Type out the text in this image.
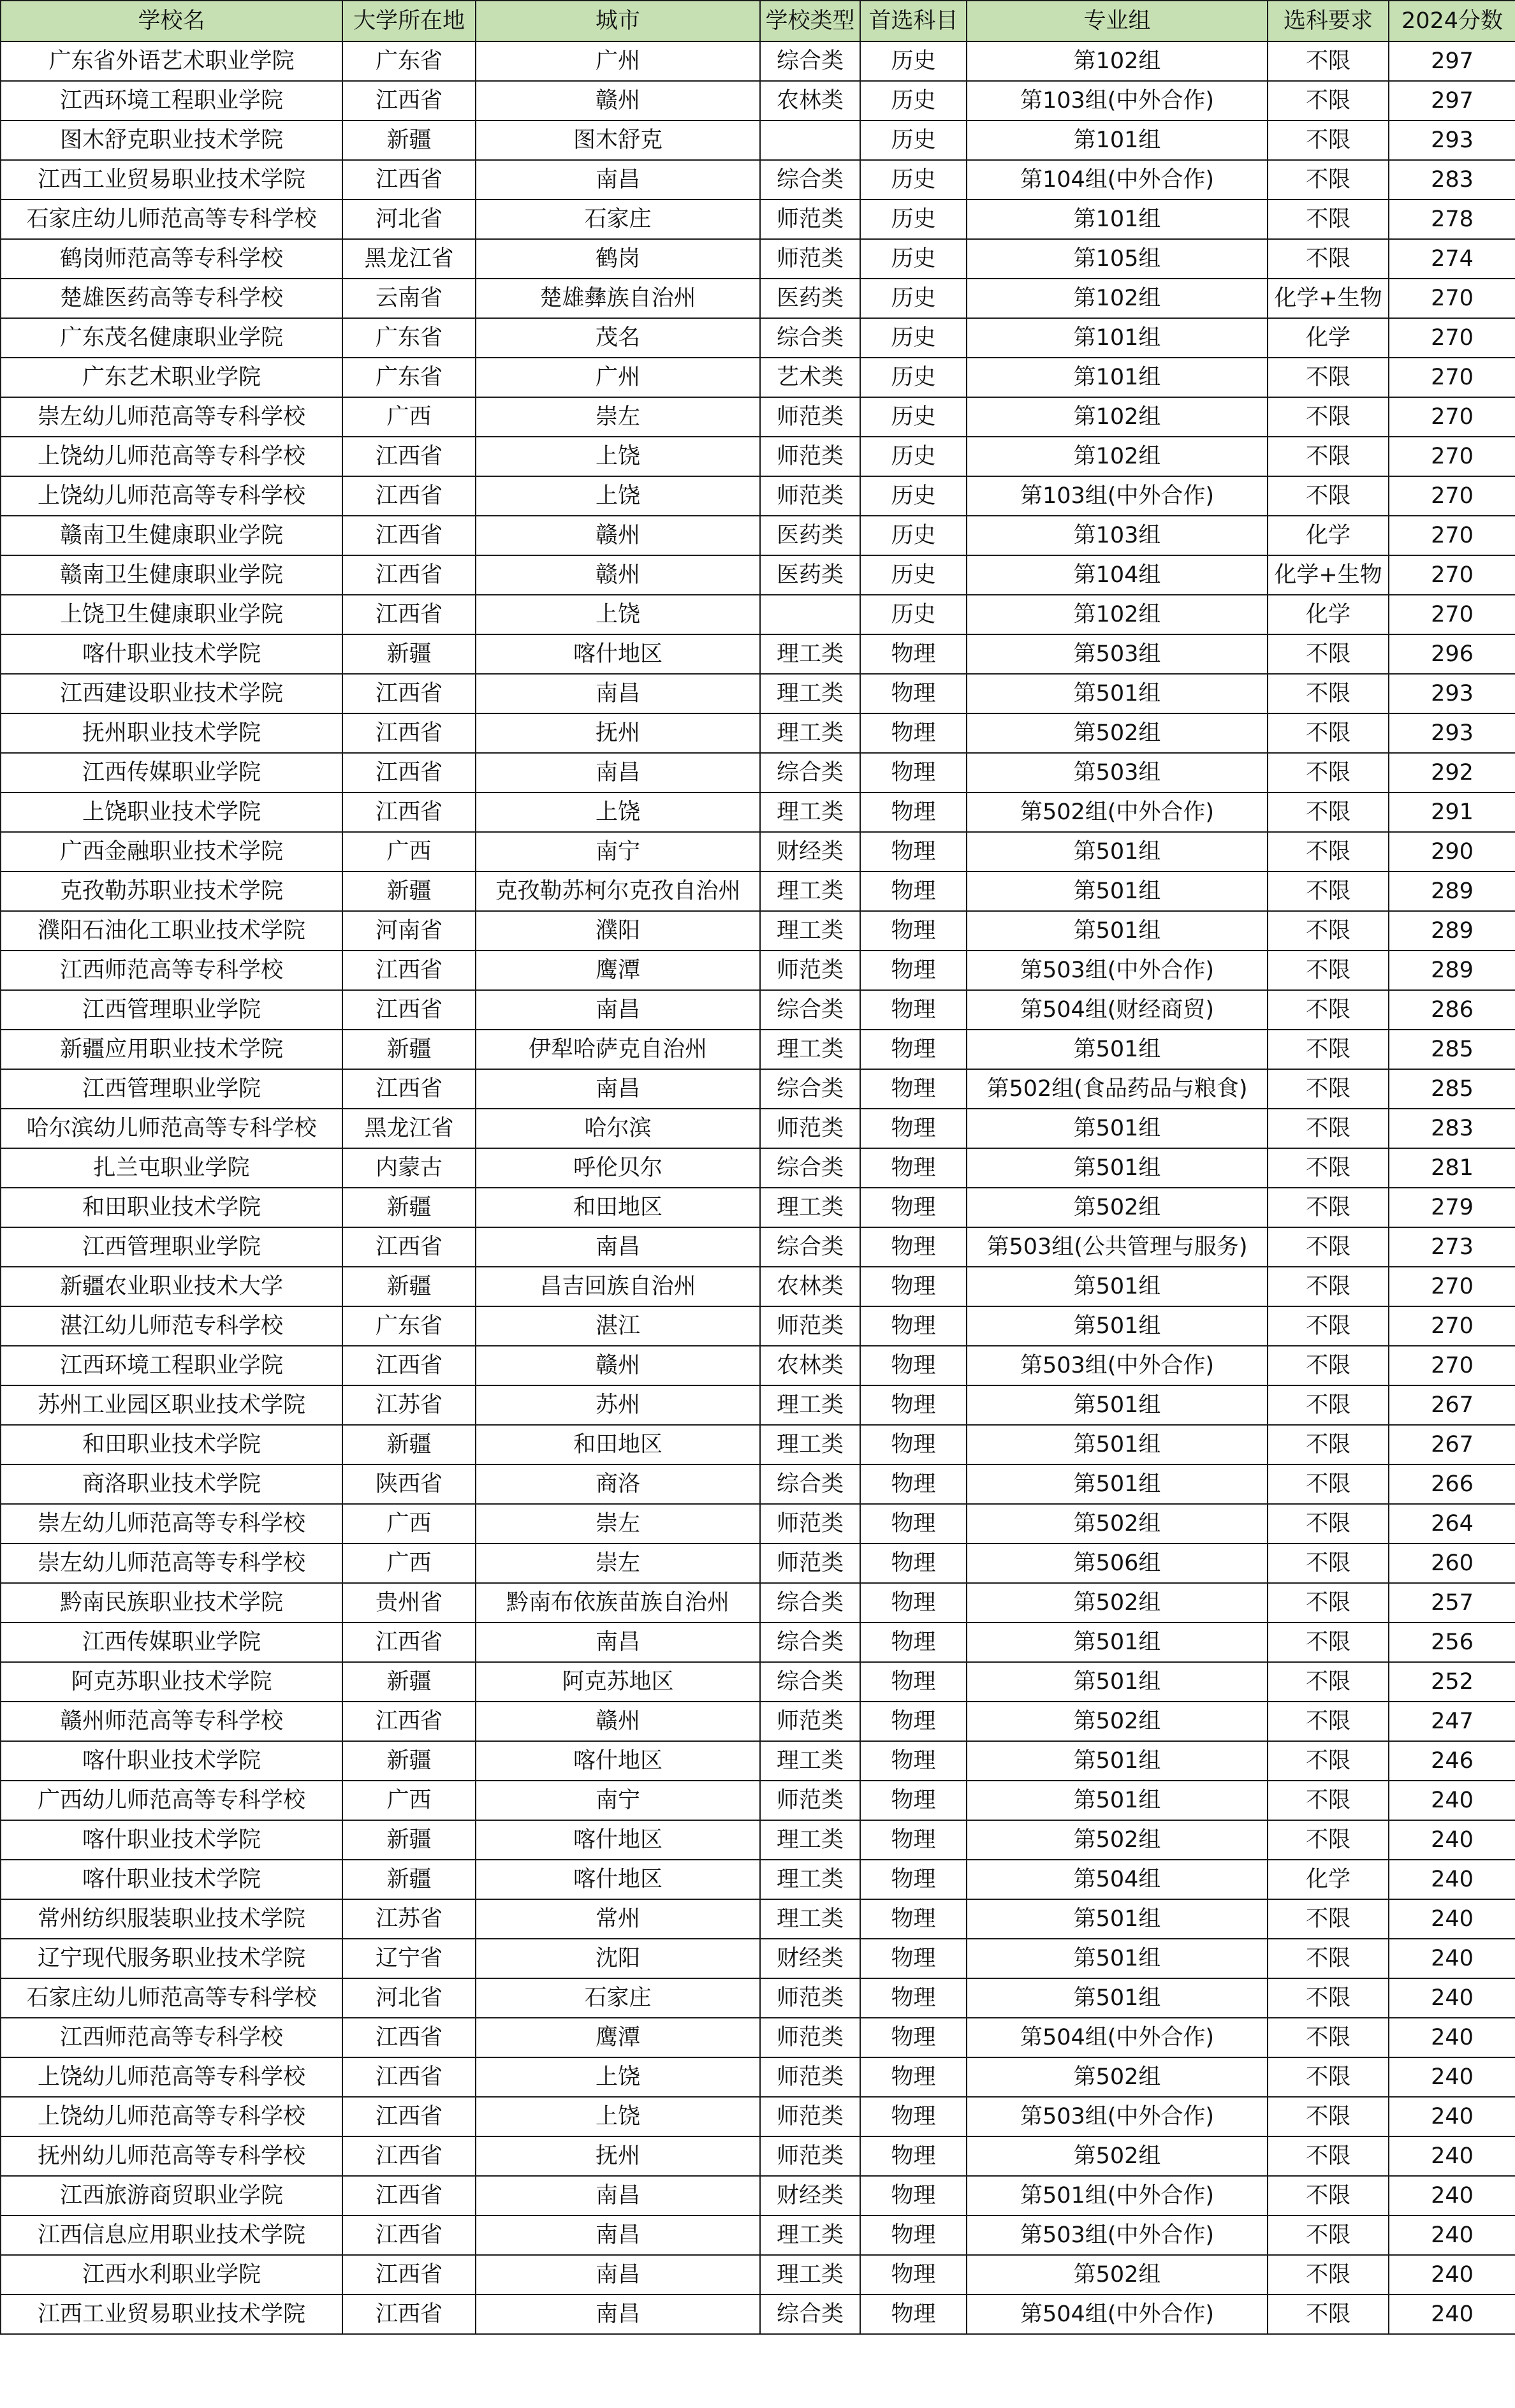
学校名	大学所在地	城市	学校类型	首选科目	专业组	选科要求	2024分数
广东省外语艺术职业学院	广东省	广州	综合类	历史	第102组	不限	297
江西环境工程职业学院	江西省	赣州	农林类	历史	第103组(中外合作)	不限	297
图木舒克职业技术学院	新疆	图木舒克		历史	第101组	不限	293
江西工业贸易职业技术学院	江西省	南昌	综合类	历史	第104组(中外合作)	不限	283
石家庄幼儿师范高等专科学校	河北省	石家庄	师范类	历史	第101组	不限	278
鹤岗师范高等专科学校	黑龙江省	鹤岗	师范类	历史	第105组	不限	274
楚雄医药高等专科学校	云南省	楚雄彝族自治州	医药类	历史	第102组	化学+生物	270
广东茂名健康职业学院	广东省	茂名	综合类	历史	第101组	化学	270
广东艺术职业学院	广东省	广州	艺术类	历史	第101组	不限	270
崇左幼儿师范高等专科学校	广西	崇左	师范类	历史	第102组	不限	270
上饶幼儿师范高等专科学校	江西省	上饶	师范类	历史	第102组	不限	270
上饶幼儿师范高等专科学校	江西省	上饶	师范类	历史	第103组(中外合作)	不限	270
赣南卫生健康职业学院	江西省	赣州	医药类	历史	第103组	化学	270
赣南卫生健康职业学院	江西省	赣州	医药类	历史	第104组	化学+生物	270
上饶卫生健康职业学院	江西省	上饶		历史	第102组	化学	270
喀什职业技术学院	新疆	喀什地区	理工类	物理	第503组	不限	296
江西建设职业技术学院	江西省	南昌	理工类	物理	第501组	不限	293
抚州职业技术学院	江西省	抚州	理工类	物理	第502组	不限	293
江西传媒职业学院	江西省	南昌	综合类	物理	第503组	不限	292
上饶职业技术学院	江西省	上饶	理工类	物理	第502组(中外合作)	不限	291
广西金融职业技术学院	广西	南宁	财经类	物理	第501组	不限	290
克孜勒苏职业技术学院	新疆	克孜勒苏柯尔克孜自治州	理工类	物理	第501组	不限	289
濮阳石油化工职业技术学院	河南省	濮阳	理工类	物理	第501组	不限	289
江西师范高等专科学校	江西省	鹰潭	师范类	物理	第503组(中外合作)	不限	289
江西管理职业学院	江西省	南昌	综合类	物理	第504组(财经商贸)	不限	286
新疆应用职业技术学院	新疆	伊犁哈萨克自治州	理工类	物理	第501组	不限	285
江西管理职业学院	江西省	南昌	综合类	物理	第502组(食品药品与粮食)	不限	285
哈尔滨幼儿师范高等专科学校	黑龙江省	哈尔滨	师范类	物理	第501组	不限	283
扎兰屯职业学院	内蒙古	呼伦贝尔	综合类	物理	第501组	不限	281
和田职业技术学院	新疆	和田地区	理工类	物理	第502组	不限	279
江西管理职业学院	江西省	南昌	综合类	物理	第503组(公共管理与服务)	不限	273
新疆农业职业技术大学	新疆	昌吉回族自治州	农林类	物理	第501组	不限	270
湛江幼儿师范专科学校	广东省	湛江	师范类	物理	第501组	不限	270
江西环境工程职业学院	江西省	赣州	农林类	物理	第503组(中外合作)	不限	270
苏州工业园区职业技术学院	江苏省	苏州	理工类	物理	第501组	不限	267
和田职业技术学院	新疆	和田地区	理工类	物理	第501组	不限	267
商洛职业技术学院	陕西省	商洛	综合类	物理	第501组	不限	266
崇左幼儿师范高等专科学校	广西	崇左	师范类	物理	第502组	不限	264
崇左幼儿师范高等专科学校	广西	崇左	师范类	物理	第506组	不限	260
黔南民族职业技术学院	贵州省	黔南布依族苗族自治州	综合类	物理	第502组	不限	257
江西传媒职业学院	江西省	南昌	综合类	物理	第501组	不限	256
阿克苏职业技术学院	新疆	阿克苏地区	综合类	物理	第501组	不限	252
赣州师范高等专科学校	江西省	赣州	师范类	物理	第502组	不限	247
喀什职业技术学院	新疆	喀什地区	理工类	物理	第501组	不限	246
广西幼儿师范高等专科学校	广西	南宁	师范类	物理	第501组	不限	240
喀什职业技术学院	新疆	喀什地区	理工类	物理	第502组	不限	240
喀什职业技术学院	新疆	喀什地区	理工类	物理	第504组	化学	240
常州纺织服装职业技术学院	江苏省	常州	理工类	物理	第501组	不限	240
辽宁现代服务职业技术学院	辽宁省	沈阳	财经类	物理	第501组	不限	240
石家庄幼儿师范高等专科学校	河北省	石家庄	师范类	物理	第501组	不限	240
江西师范高等专科学校	江西省	鹰潭	师范类	物理	第504组(中外合作)	不限	240
上饶幼儿师范高等专科学校	江西省	上饶	师范类	物理	第502组	不限	240
上饶幼儿师范高等专科学校	江西省	上饶	师范类	物理	第503组(中外合作)	不限	240
抚州幼儿师范高等专科学校	江西省	抚州	师范类	物理	第502组	不限	240
江西旅游商贸职业学院	江西省	南昌	财经类	物理	第501组(中外合作)	不限	240
江西信息应用职业技术学院	江西省	南昌	理工类	物理	第503组(中外合作)	不限	240
江西水利职业学院	江西省	南昌	理工类	物理	第502组	不限	240
江西工业贸易职业技术学院	江西省	南昌	综合类	物理	第504组(中外合作)	不限	240
